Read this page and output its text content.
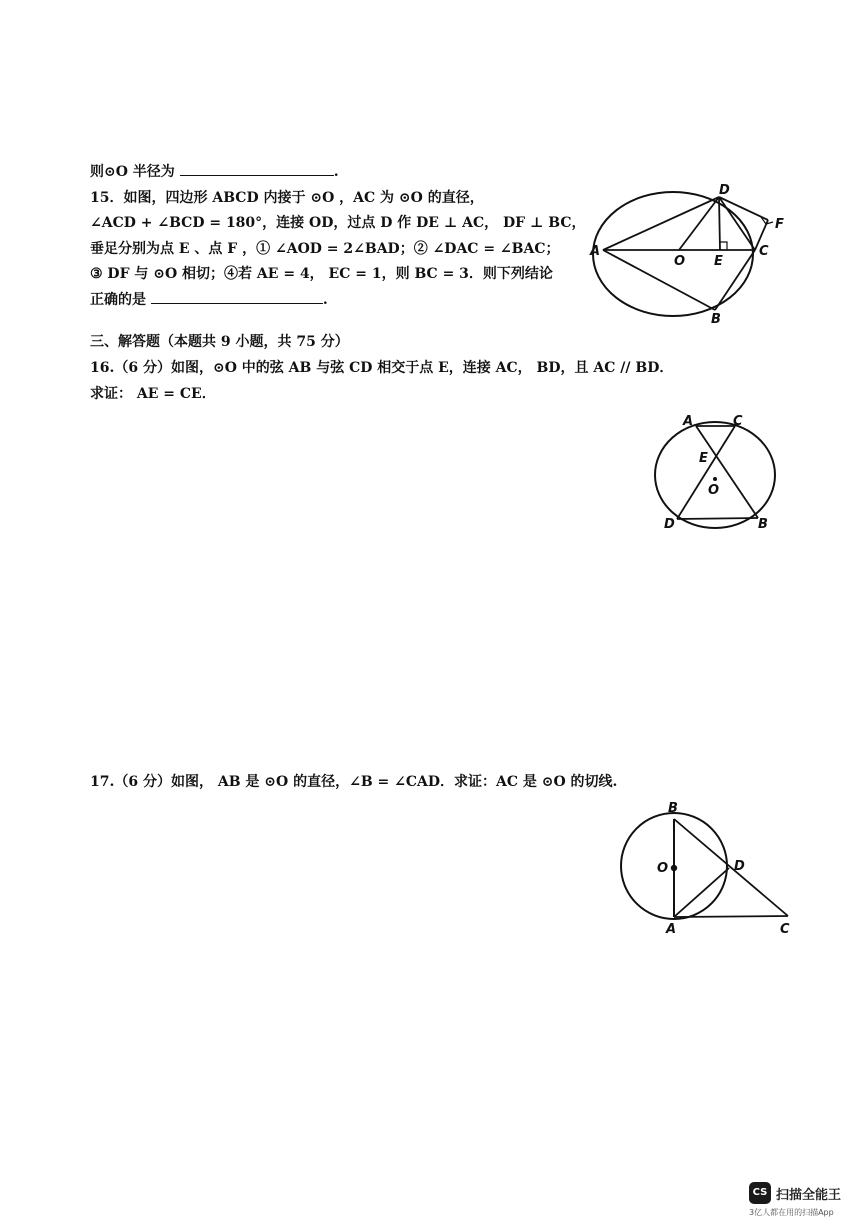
则⊙O 半径为	.
15．如图，四边形 ABCD 内接于 ⊙O ，AC 为 ⊙O 的直径，
∠ACD + ∠BCD = 180°，连接 OD，过点 D 作 DE ⊥ AC， DF ⊥ BC，
垂足分别为点 E 、点 F ，① ∠AOD = 2∠BAD；② ∠DAC = ∠BAC；
③ DF 与 ⊙O 相切；④若 AE = 4， EC = 1，则 BC = 3．则下列结论
正确的是	.
A
B
C
D
O E
F
三、解答题（本题共 9 小题，共 75 分）
16.（6 分）如图，⊙O 中的弦 AB 与弦 CD 相交于点 E，连接 AC， BD，且 AC // BD．
求证： AE = CE．
A	C
E
O
D	B
17.（6 分）如图， AB 是 ⊙O 的直径，∠B = ∠CAD．求证：AC 是 ⊙O 的切线.
B
O	D
A	C
CS 扫描全能王
3亿人都在用的扫描App
